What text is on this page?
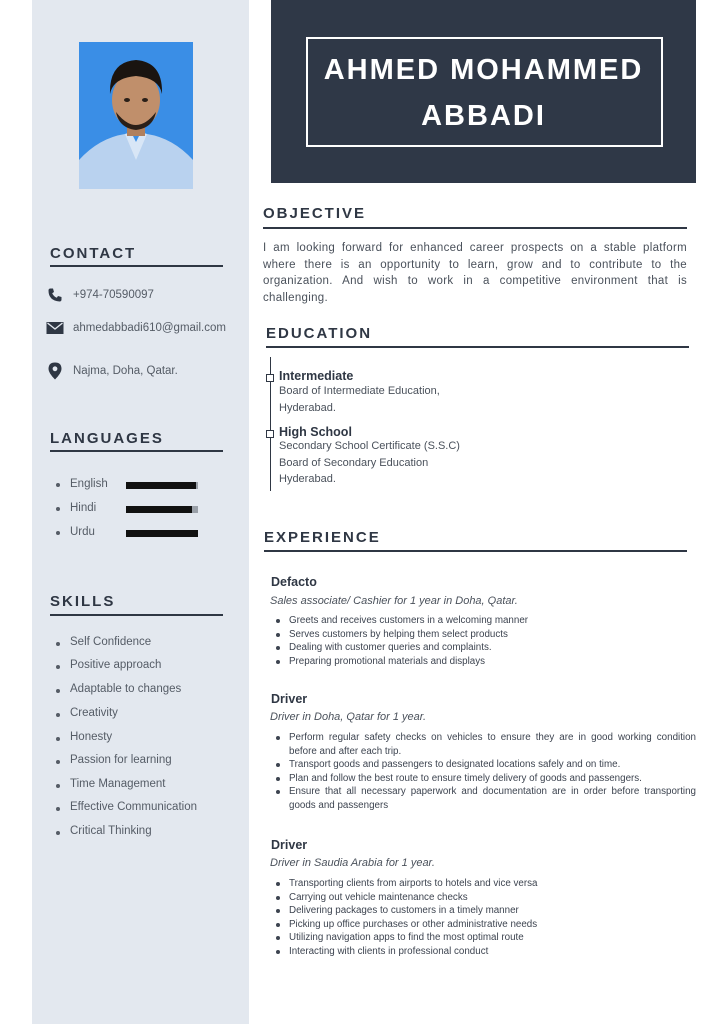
CONTACT
+974-70590097
ahmedabbadi610@gmail.com
Najma, Doha, Qatar.
LANGUAGES
English
Hindi
Urdu
SKILLS
Self Confidence
Positive approach
Adaptable to changes
Creativity
Honesty
Passion for learning
Time Management
Effective Communication
Critical Thinking
AHMED MOHAMMED
ABBADI
OBJECTIVE
I am looking forward for enhanced career prospects on a stable platform where there is an opportunity to learn, grow and to contribute to the organization. And wish to work in a competitive environment that is challenging.
EDUCATION
Intermediate
Board of Intermediate Education,
Hyderabad.
High School
Secondary School Certificate (S.S.C)
Board of Secondary Education
Hyderabad.
EXPERIENCE
Defacto
Sales associate/ Cashier for 1 year in Doha, Qatar.
Greets and receives customers in a welcoming manner
Serves customers by helping them select products
Dealing with customer queries and complaints.
Preparing promotional materials and displays
Driver
Driver in Doha, Qatar for 1 year.
Perform regular safety checks on vehicles to ensure they are in good working condition before and after each trip.
Transport goods and passengers to designated locations safely and on time.
Plan and follow the best route to ensure timely delivery of goods and passengers.
Ensure that all necessary paperwork and documentation are in order before transporting goods and passengers
Driver
Driver in Saudia Arabia for 1 year.
Transporting clients from airports to hotels and vice versa
Carrying out vehicle maintenance checks
Delivering packages to customers in a timely manner
Picking up office purchases or other administrative needs
Utilizing navigation apps to find the most optimal route
Interacting with clients in professional conduct
